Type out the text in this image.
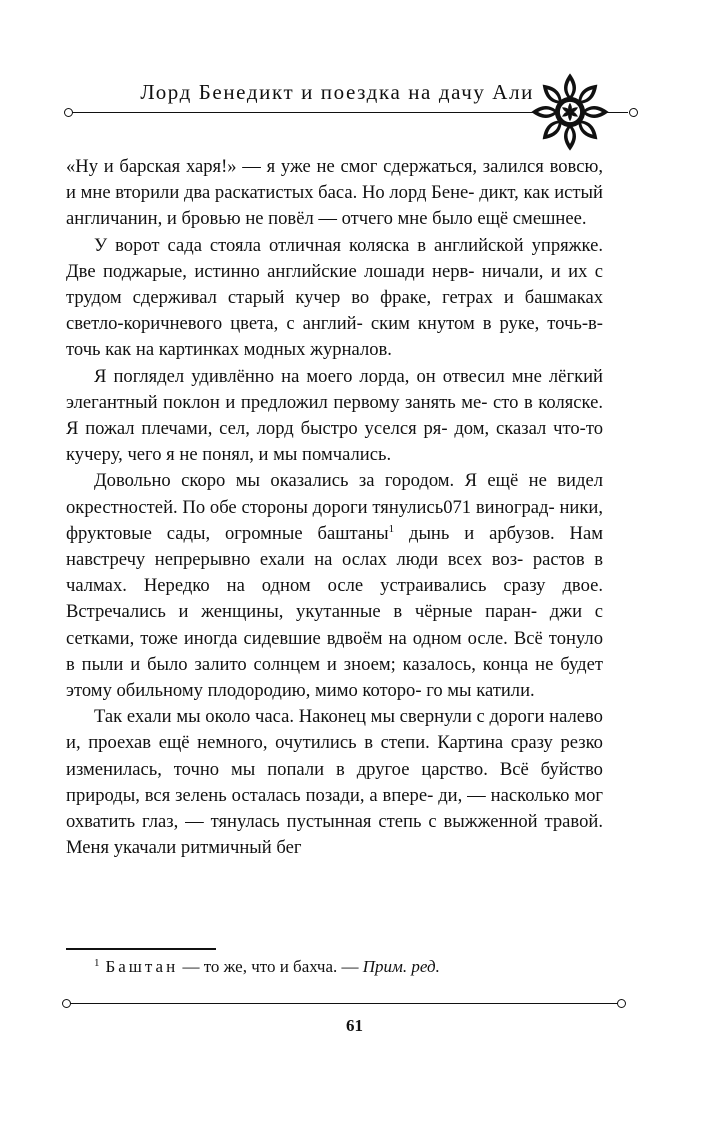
Лорд Бенедикт и поездка на дачу Али

«Ну и барская харя!» — я уже не смог сдержаться, залился вовсю, и мне вторили два раскатистых баса. Но лорд Бене- дикт, как истый англичанин, и бровью не повёл — отчего мне было ещё смешнее.

У ворот сада стояла отличная коляска в английской упряжке. Две поджарые, истинно английские лошади нерв- ничали, и их с трудом сдерживал старый кучер во фраке, гетрах и башмаках светло-коричневого цвета, с англий- ским кнутом в руке, точь-в-точь как на картинках модных журналов.

Я поглядел удивлённо на моего лорда, он отвесил мне лёгкий элегантный поклон и предложил первому занять ме- сто в коляске. Я пожал плечами, сел, лорд быстро уселся ря- дом, сказал что-то кучеру, чего я не понял, и мы помчались.

Довольно скоро мы оказались за городом. Я ещё не видел окрестностей. По обе стороны дороги тянулись071 виноград- ники, фруктовые сады, огромные баштаны$^1$ дынь и арбузов. Нам навстречу непрерывно ехали на ослах люди всех воз- растов в чалмах. Нередко на одном осле устраивались сразу двое. Встречались и женщины, укутанные в чёрные паран- джи с сетками, тоже иногда сидевшие вдвоём на одном осле. Всё тонуло в пыли и было залито солнцем и зноем; казалось, конца не будет этому обильному плодородию, мимо которо- го мы катили.

Так ехали мы около часа. Наконец мы свернули с дороги налево и, проехав ещё немного, очутились в степи. Картина сразу резко изменилась, точно мы попали в другое царство. Всё буйство природы, вся зелень осталась позади, а впере- ди, — насколько мог охватить глаз, — тянулась пустынная степь с выжженной травой. Меня укачали ритмичный бег

$^1$ Баштан — то же, что и бахча. — Прим. ред.
61
